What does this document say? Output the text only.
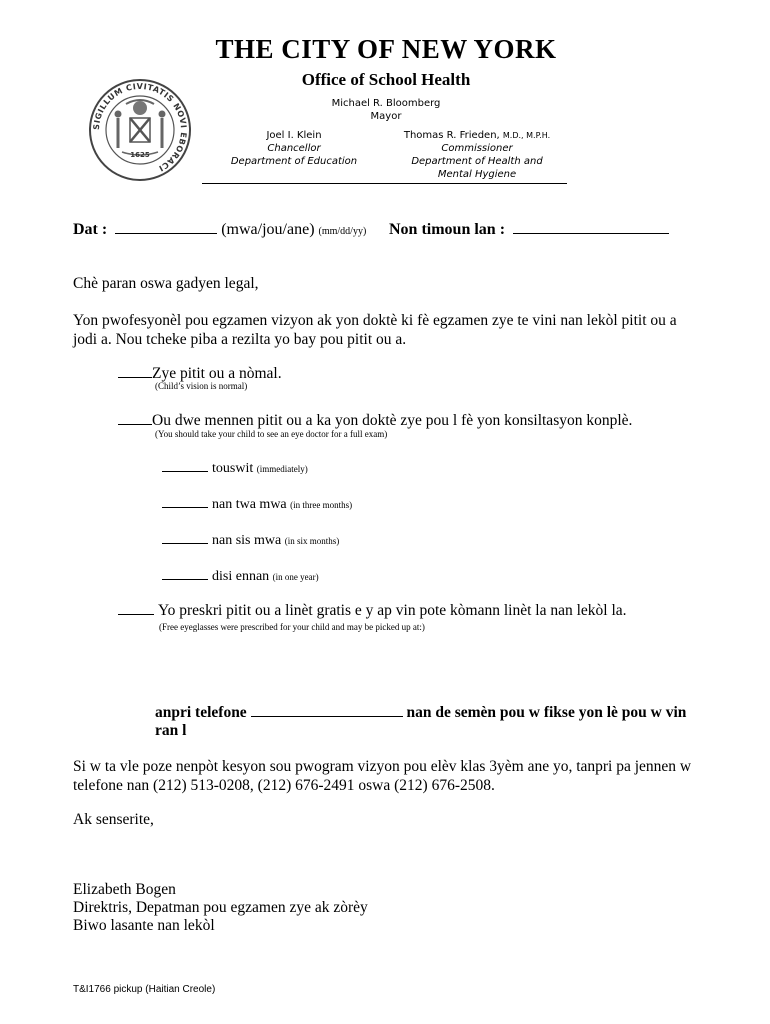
SIGILLUM CIVITATIS NOVI EBORACI
1625
THE CITY OF NEW YORK
Office of School Health
Michael R. Bloomberg
Mayor
Joel I. Klein
Chancellor
Department of Education
Thomas R. Frieden, M.D., M.P.H.
Commissioner
Department of Health and
Mental Hygiene
Dat :	(mwa/jou/ane) (mm/dd/yy) Non timoun lan :
Chè paran oswa gadyen legal,
Yon pwofesyonèl pou egzamen vizyon ak yon doktè ki fè egzamen zye te vini nan lekòl pitit ou a
jodi a. Nou tcheke piba a rezilta yo bay pou pitit ou a.
Zye pitit ou a nòmal.
(Child’s vision is normal)
Ou dwe mennen pitit ou a ka yon doktè zye pou l fè yon konsiltasyon konplè.
(You should take your child to see an eye doctor for a full exam)
touswit (immediately)
nan twa mwa (in three months)
nan sis mwa (in six months)
disi ennan (in one year)
Yo preskri pitit ou a linèt gratis e y ap vin pote kòmann linèt la nan lekòl la.
(Free eyeglasses were prescribed for your child and may be picked up at:)
anpri telefone	nan de semèn pou w fikse yon lè pou w vin
ran l
Si w ta vle poze nenpòt kesyon sou pwogram vizyon pou elèv klas 3yèm ane yo, tanpri pa jennen w
telefone nan (212) 513-0208, (212) 676-2491 oswa (212) 676-2508.
Ak senserite,
Elizabeth Bogen
Direktris, Depatman pou egzamen zye ak zòrèy
Biwo lasante nan lekòl
T&I1766 pickup (Haitian Creole)
